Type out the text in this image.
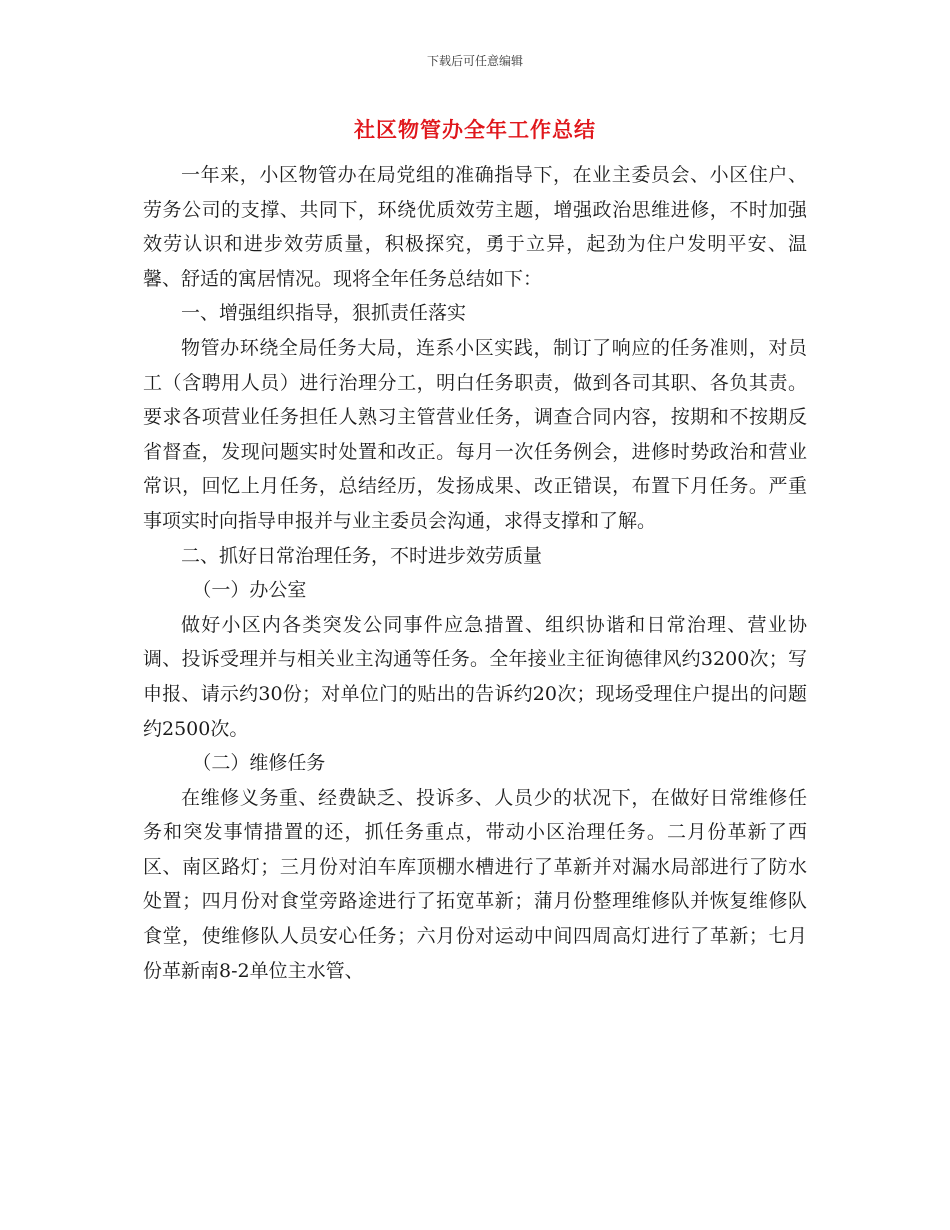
下载后可任意编辑
社区物管办全年工作总结

一年来，小区物管办在局党组的准确指导下，在业主委员会、小区住户、劳务公司的支撑、共同下，环绕优质效劳主题，增强政治思维进修，不时加强效劳认识和进步效劳质量，积极探究，勇于立异，起劲为住户发明平安、温馨、舒适的寓居情况。现将全年任务总结如下：

一、增强组织指导，狠抓责任落实

物管办环绕全局任务大局，连系小区实践，制订了响应的任务准则，对员工（含聘用人员）进行治理分工，明白任务职责，做到各司其职、各负其责。要求各项营业任务担任人熟习主管营业任务，调查合同内容，按期和不按期反省督查，发现问题实时处置和改正。每月一次任务例会，进修时势政治和营业常识，回忆上月任务，总结经历，发扬成果、改正错误，布置下月任务。严重事项实时向指导申报并与业主委员会沟通，求得支撑和了解。

二、抓好日常治理任务，不时进步效劳质量

（一）办公室

做好小区内各类突发公同事件应急措置、组织协谐和日常治理、营业协调、投诉受理并与相关业主沟通等任务。全年接业主征询德律风约3200次；写申报、请示约30份；对单位门的贴出的告诉约20次；现场受理住户提出的问题约2500次。

（二）维修任务

在维修义务重、经费缺乏、投诉多、人员少的状况下，在做好日常维修任务和突发事情措置的还，抓任务重点，带动小区治理任务。二月份革新了西区、南区路灯；三月份对泊车库顶棚水槽进行了革新并对漏水局部进行了防水处置；四月份对食堂旁路途进行了拓宽革新；蒲月份整理维修队并恢复维修队食堂，使维修队人员安心任务；六月份对运动中间四周高灯进行了革新；七月份革新南8-2单位主水管、
